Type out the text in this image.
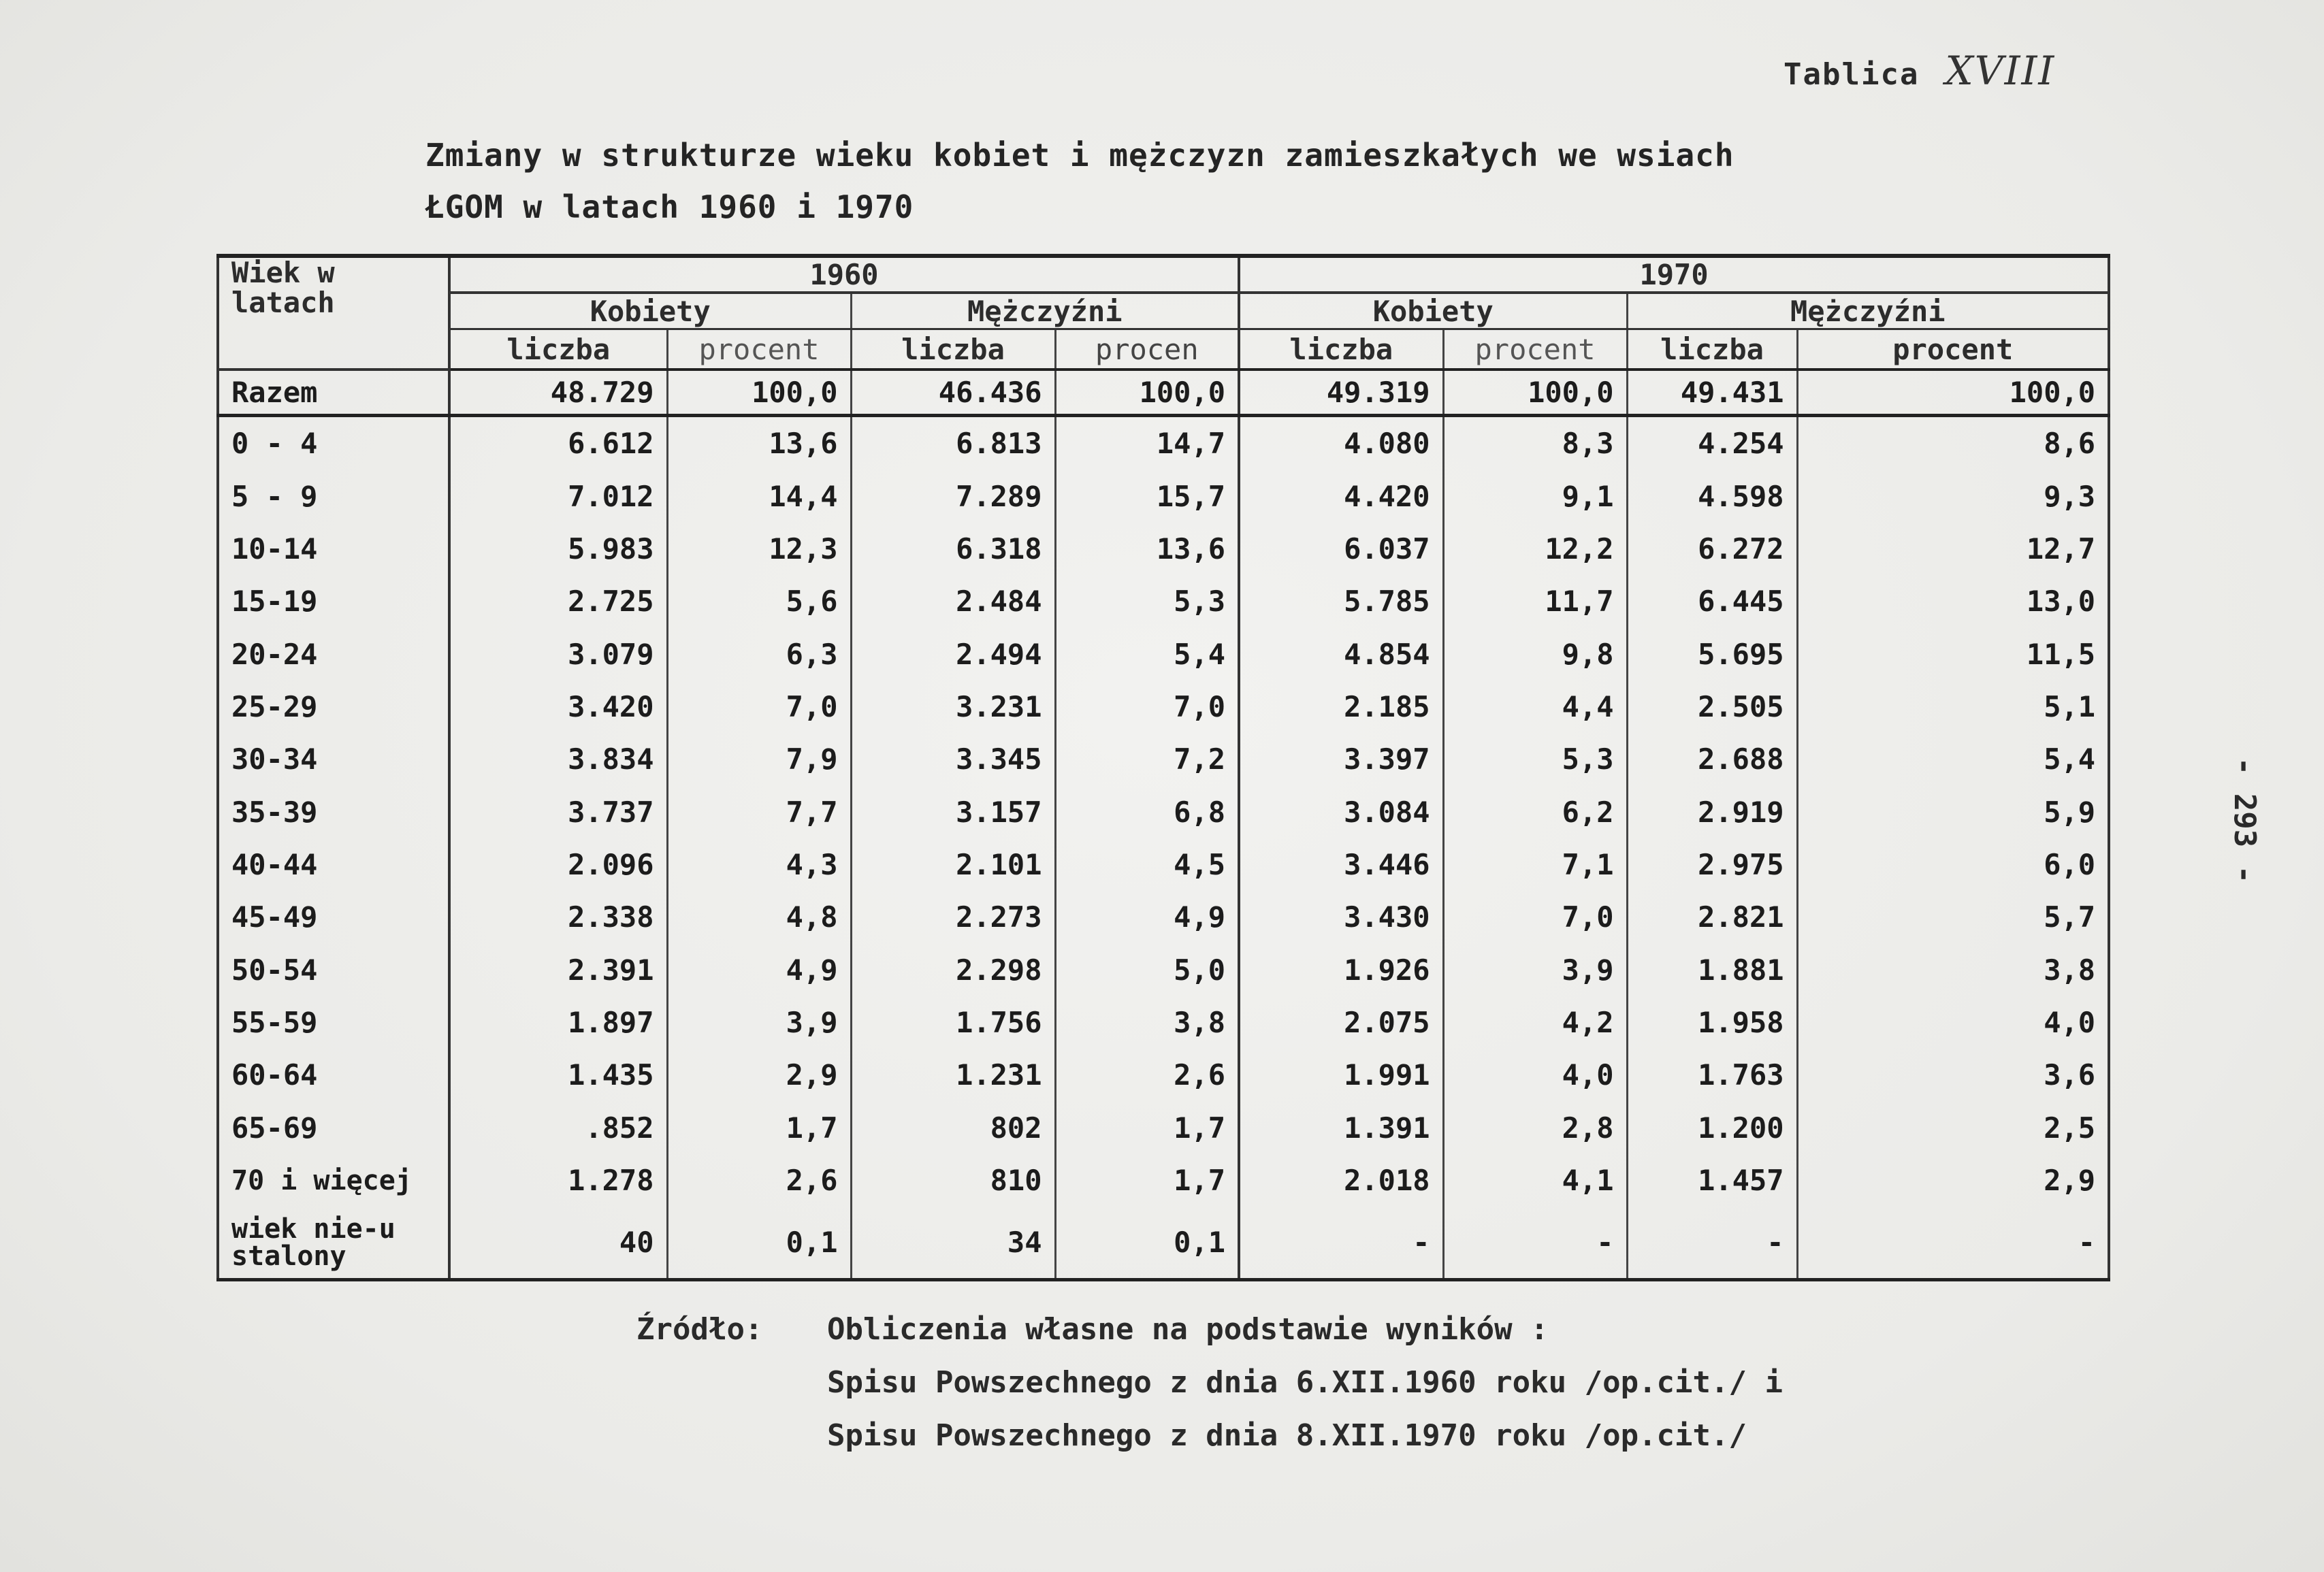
Tablica XVIII
Zmiany w strukturze wieku kobiet i mężczyzn zamieszkałych we wsiach
ŁGOM w latach 1960 i 1970
- 293 -
Wiek w latach	1960				1970			
	Kobiety		Mężczyźni		Kobiety		Mężczyźni	
	liczba	procent	liczba	procen	liczba	procent	liczba	procent
Razem	48.729	100,0	46.436	100,0	49.319	100,0	49.431	100,0
0 - 4	6.612	13,6	6.813	14,7	4.080	8,3	4.254	8,6
5 - 9	7.012	14,4	7.289	15,7	4.420	9,1	4.598	9,3
10-14	5.983	12,3	6.318	13,6	6.037	12,2	6.272	12,7
15-19	2.725	5,6	2.484	5,3	5.785	11,7	6.445	13,0
20-24	3.079	6,3	2.494	5,4	4.854	9,8	5.695	11,5
25-29	3.420	7,0	3.231	7,0	2.185	4,4	2.505	5,1
30-34	3.834	7,9	3.345	7,2	3.397	5,3	2.688	5,4
35-39	3.737	7,7	3.157	6,8	3.084	6,2	2.919	5,9
40-44	2.096	4,3	2.101	4,5	3.446	7,1	2.975	6,0
45-49	2.338	4,8	2.273	4,9	3.430	7,0	2.821	5,7
50-54	2.391	4,9	2.298	5,0	1.926	3,9	1.881	3,8
55-59	1.897	3,9	1.756	3,8	2.075	4,2	1.958	4,0
60-64	1.435	2,9	1.231	2,6	1.991	4,0	1.763	3,6
65-69	.852	1,7	802	1,7	1.391	2,8	1.200	2,5
70 i więcej	1.278	2,6	810	1,7	2.018	4,1	1.457	2,9

wiek nie-ustalony	40	0,1	34	0,1	-	-	-	-
Źródło: Obliczenia własne na podstawie wyników :
Spisu Powszechnego z dnia 6.XII.1960 roku /op.cit./ i
Spisu Powszechnego z dnia 8.XII.1970 roku /op.cit./
